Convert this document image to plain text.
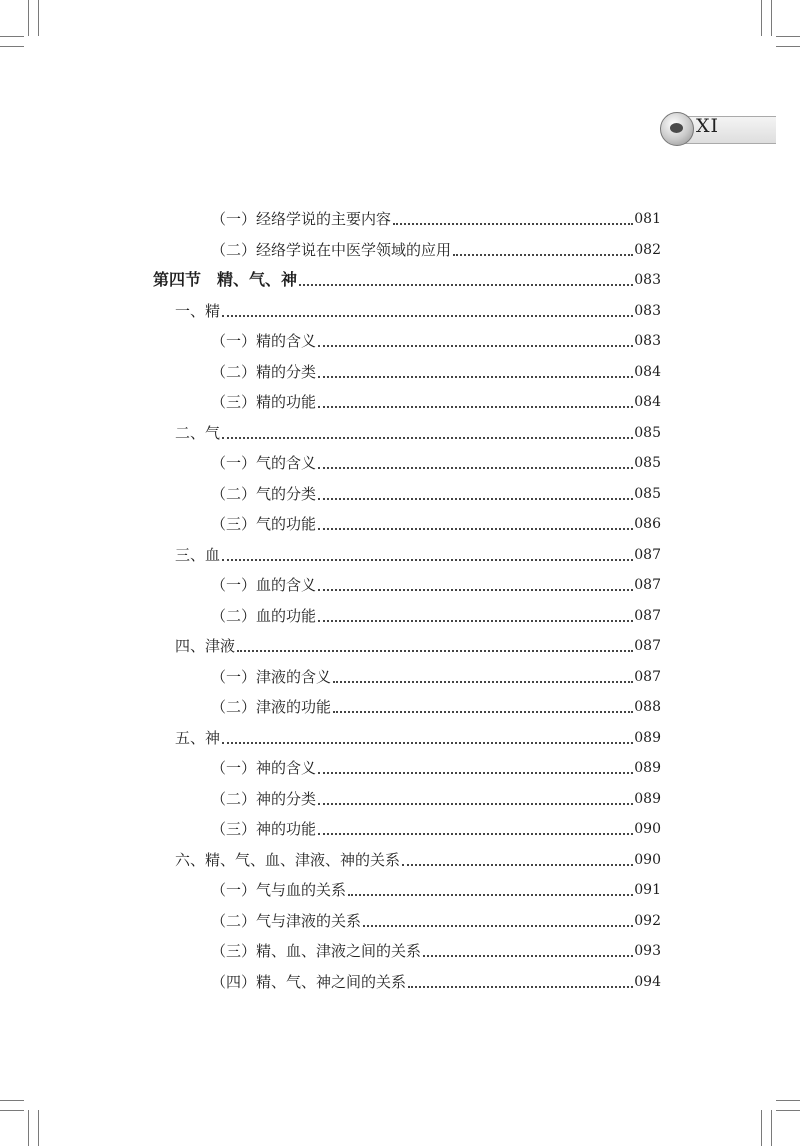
XI
（一）经络学说的主要内容	081
（二）经络学说在中医学领域的应用	082
第四节　精、气、神	083
一、精	083
（一）精的含义	083
（二）精的分类	084
（三）精的功能	084
二、气	085
（一）气的含义	085
（二）气的分类	085
（三）气的功能	086
三、血	087
（一）血的含义	087
（二）血的功能	087
四、津液	087
（一）津液的含义	087
（二）津液的功能	088
五、神	089
（一）神的含义	089
（二）神的分类	089
（三）神的功能	090
六、精、气、血、津液、神的关系	090
（一）气与血的关系	091
（二）气与津液的关系	092
（三）精、血、津液之间的关系	093
（四）精、气、神之间的关系	094
